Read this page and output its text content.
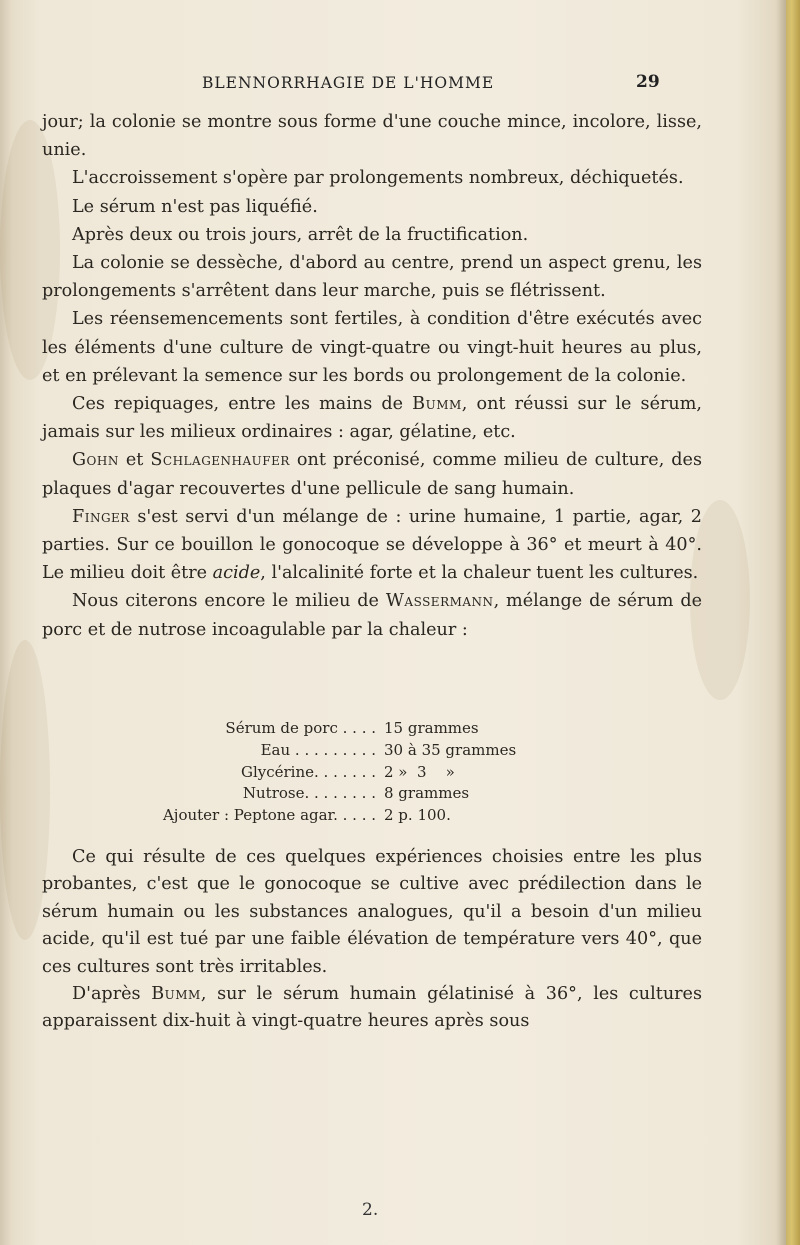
BLENNORRHAGIE DE L'HOMME	29

jour; la colonie se montre sous forme d'une couche mince, incolore, lisse, unie.

L'accroissement s'opère par prolongements nombreux, déchiquetés.

Le sérum n'est pas liquéfié.

Après deux ou trois jours, arrêt de la fructification.

La colonie se dessèche, d'abord au centre, prend un aspect grenu, les prolongements s'arrêtent dans leur marche, puis se flétrissent.

Les réensemencements sont fertiles, à condition d'être exécutés avec les éléments d'une culture de vingt-quatre ou vingt-huit heures au plus, et en prélevant la semence sur les bords ou prolongement de la colonie.

Ces repiquages, entre les mains de Bumm, ont réussi sur le sérum, jamais sur les milieux ordinaires : agar, gélatine, etc.

Gohn et Schlagenhaufer ont préconisé, comme milieu de culture, des plaques d'agar recouvertes d'une pellicule de sang humain.

Finger s'est servi d'un mélange de : urine humaine, 1 partie, agar, 2 parties. Sur ce bouillon le gonocoque se développe à 36° et meurt à 40°. Le milieu doit être acide, l'alcalinité forte et la chaleur tuent les cultures.

Nous citerons encore le milieu de Wassermann, mélange de sérum de porc et de nutrose incoagulable par la chaleur :

Sérum de porc . . . . 15 grammes
Eau . . . . . . . . . 30 à 35 grammes
Glycérine. . . . . . . 2 »  3    »
Nutrose. . . . . . . . 8 grammes
Ajouter : Peptone agar. . . . . 2 p. 100.

Ce qui résulte de ces quelques expériences choisies entre les plus probantes, c'est que le gonocoque se cultive avec prédilection dans le sérum humain ou les substances analogues, qu'il a besoin d'un milieu acide, qu'il est tué par une faible élévation de température vers 40°, que ces cultures sont très irritables.

D'après Bumm, sur le sérum humain gélatinisé à 36°, les cultures apparaissent dix-huit à vingt-quatre heures après sous

2.
